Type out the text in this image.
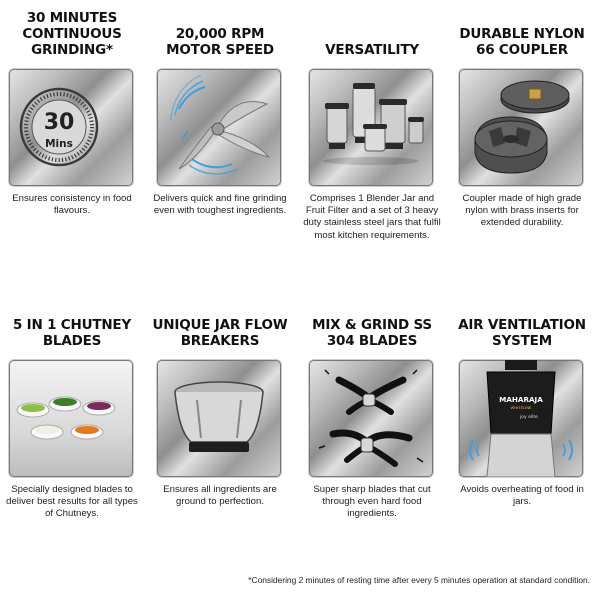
30 MINUTES CONTINUOUS GRINDING*
30
Mins
Ensures consistency in food flavours.
20,000 RPM MOTOR SPEED
Delivers quick and fine grinding even with toughest ingredients.
VERSATILITY
Comprises 1 Blender Jar and Fruit Filter and a set of 3 heavy duty stainless steel jars that fulfil most kitchen requirements.
DURABLE NYLON 66 COUPLER
Coupler made of high grade nylon with brass inserts for extended durability.
5 IN 1 CHUTNEY BLADES
Specially designed blades to deliver best results for all types of Chutneys.
UNIQUE JAR FLOW BREAKERS
Ensures all ingredients are ground to perfection.
MIX & GRIND SS 304 BLADES
Super sharp blades that cut through even hard food ingredients.
AIR VENTILATION SYSTEM
MAHARAJA
WHITELINE
joy elite
Avoids overheating of food in jars.
*Considering 2 minutes of resting time after every 5 minutes operation at standard condition.
